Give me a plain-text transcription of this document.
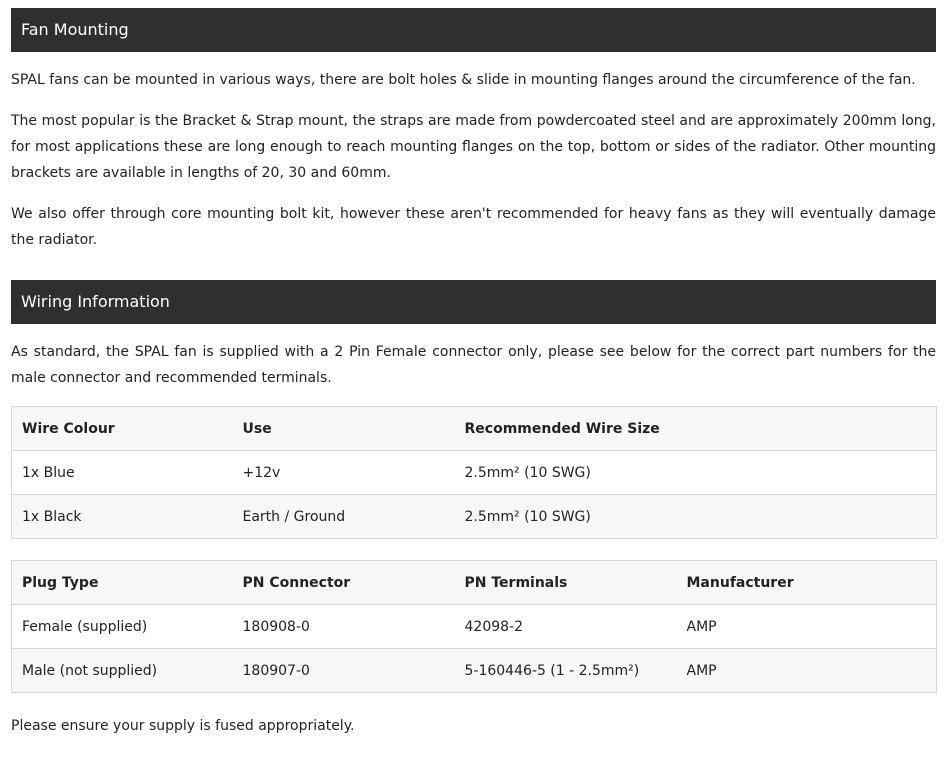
Fan Mounting

SPAL fans can be mounted in various ways, there are bolt holes & slide in mounting flanges around the circumference of the fan.

The most popular is the Bracket & Strap mount, the straps are made from powdercoated steel and are approximately 200mm long, for most applications these are long enough to reach mounting flanges on the top, bottom or sides of the radiator. Other mounting brackets are available in lengths of 20, 30 and 60mm.

We also offer through core mounting bolt kit, however these aren't recommended for heavy fans as they will eventually damage the radiator.

Wiring Information

As standard, the SPAL fan is supplied with a 2 Pin Female connector only, please see below for the correct part numbers for the male connector and recommended terminals.

Wire Colour	Use	Recommended Wire Size
1x Blue	+12v	2.5mm² (10 SWG)
1x Black	Earth / Ground	2.5mm² (10 SWG)
Plug Type	PN Connector	PN Terminals	Manufacturer
Female (supplied)	180908-0	42098-2	AMP
Male (not supplied)	180907-0	5-160446-5 (1 - 2.5mm²)	AMP

Please ensure your supply is fused appropriately.
